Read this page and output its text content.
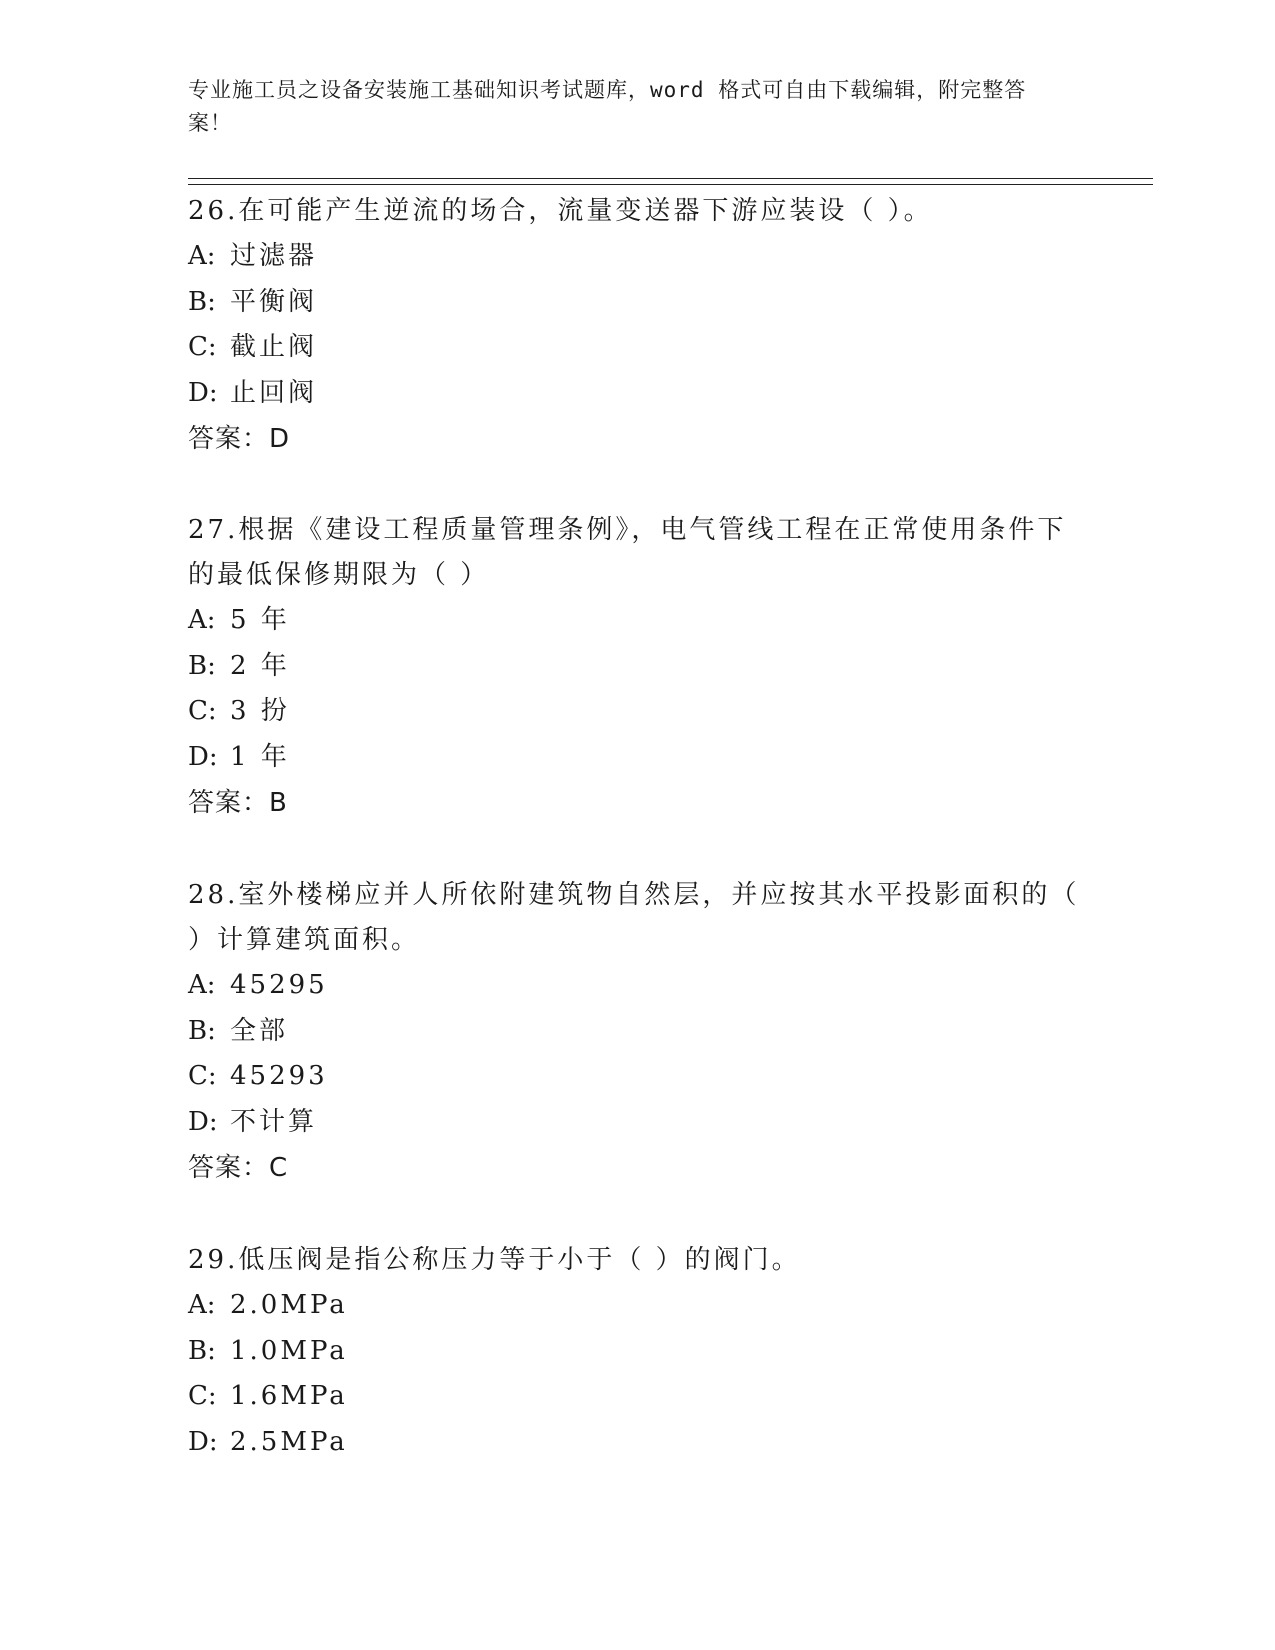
专业施工员之设备安装施工基础知识考试题库，word 格式可自由下载编辑，附完整答案！
26.在可能产生逆流的场合，流量变送器下游应装设（ ）。
A: 过滤器
B: 平衡阀
C: 截止阀
D: 止回阀
答案：D
27.根据《建设工程质量管理条例》，电气管线工程在正常使用条件下的最低保修期限为（ ）
A: 5 年
B: 2 年
C: 3 扮
D: 1 年
答案：B
28.室外楼梯应并人所依附建筑物自然层，并应按其水平投影面积的（ ）计算建筑面积。
A: 45295
B: 全部
C: 45293
D: 不计算
答案：C
29.低压阀是指公称压力等于小于（ ）的阀门。
A: 2.0MPa
B: 1.0MPa
C: 1.6MPa
D: 2.5MPa
